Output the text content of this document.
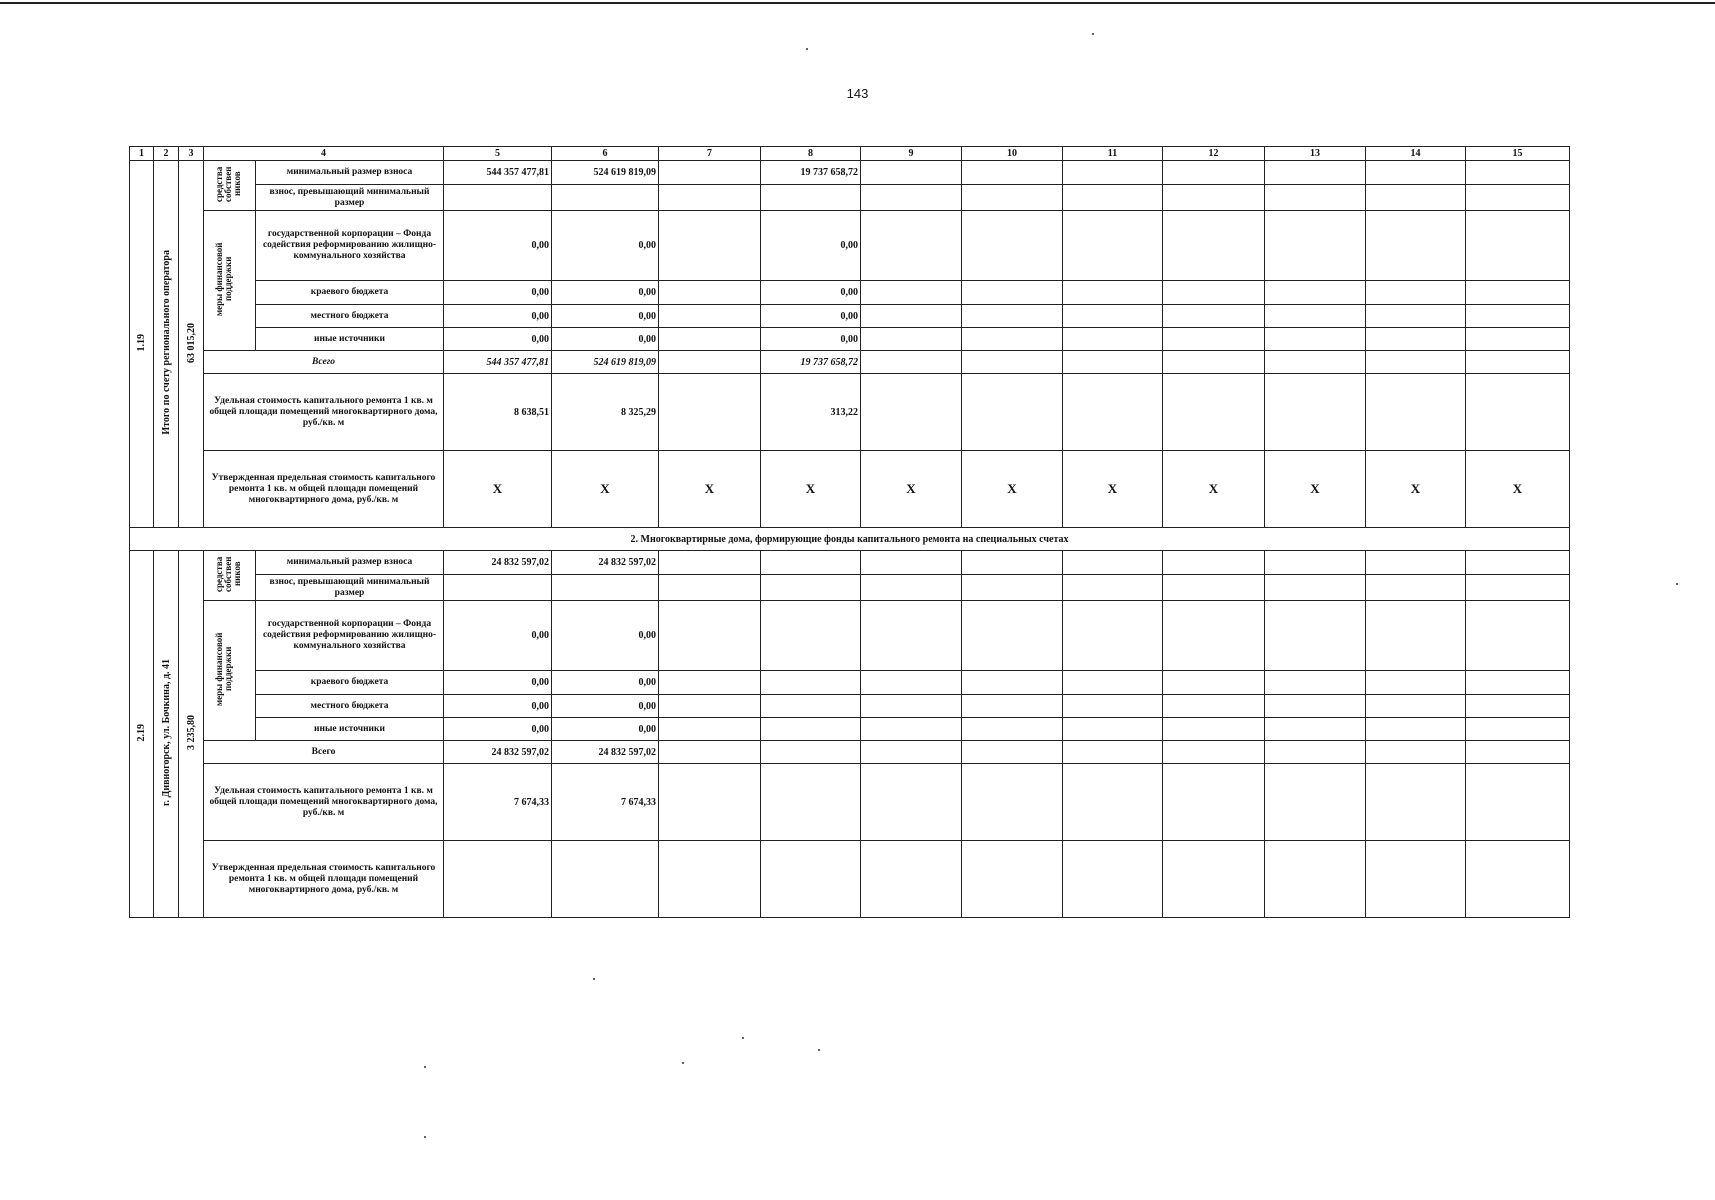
143
1	2	3	4		5	6	7	8	9	10	11	12	13	14	15
1.19	Итого по счету регионального оператора	63 015,20	средства собствен ников	минимальный размер взноса	544 357 477,81	524 619 819,09		19 737 658,72							
				взнос, превышающий минимальный размер											
			меры финансовой поддержки	государственной корпорации – Фонда содействия реформированию жилищно-коммунального хозяйства	0,00	0,00		0,00							
				краевого бюджета	0,00	0,00		0,00							
				местного бюджета	0,00	0,00		0,00							
				иные источники	0,00	0,00		0,00							
			Всего		544 357 477,81	524 619 819,09		19 737 658,72							
			Удельная стоимость капитального ремонта 1 кв. м общей площади помещений многоквартирного дома, руб./кв. м		8 638,51	8 325,29		313,22							
			Утвержденная предельная стоимость капитального ремонта 1 кв. м общей площади помещений многоквартирного дома, руб./кв. м		Х	Х	Х	Х	Х	Х	Х	Х	Х	Х	Х
2. Многоквартирные дома, формирующие фонды капитального ремонта на специальных счетах															
2.19	г. Дивногорск, ул. Бочкина, д. 41	3 235,80	средства собствен ников	минимальный размер взноса	24 832 597,02	24 832 597,02									
				взнос, превышающий минимальный размер											
			меры финансовой поддержки	государственной корпорации – Фонда содействия реформированию жилищно-коммунального хозяйства	0,00	0,00									
				краевого бюджета	0,00	0,00									
				местного бюджета	0,00	0,00									
				иные источники	0,00	0,00									
			Всего		24 832 597,02	24 832 597,02									
			Удельная стоимость капитального ремонта 1 кв. м общей площади помещений многоквартирного дома, руб./кв. м		7 674,33	7 674,33									
			Утвержденная предельная стоимость капитального ремонта 1 кв. м общей площади помещений многоквартирного дома, руб./кв. м												
